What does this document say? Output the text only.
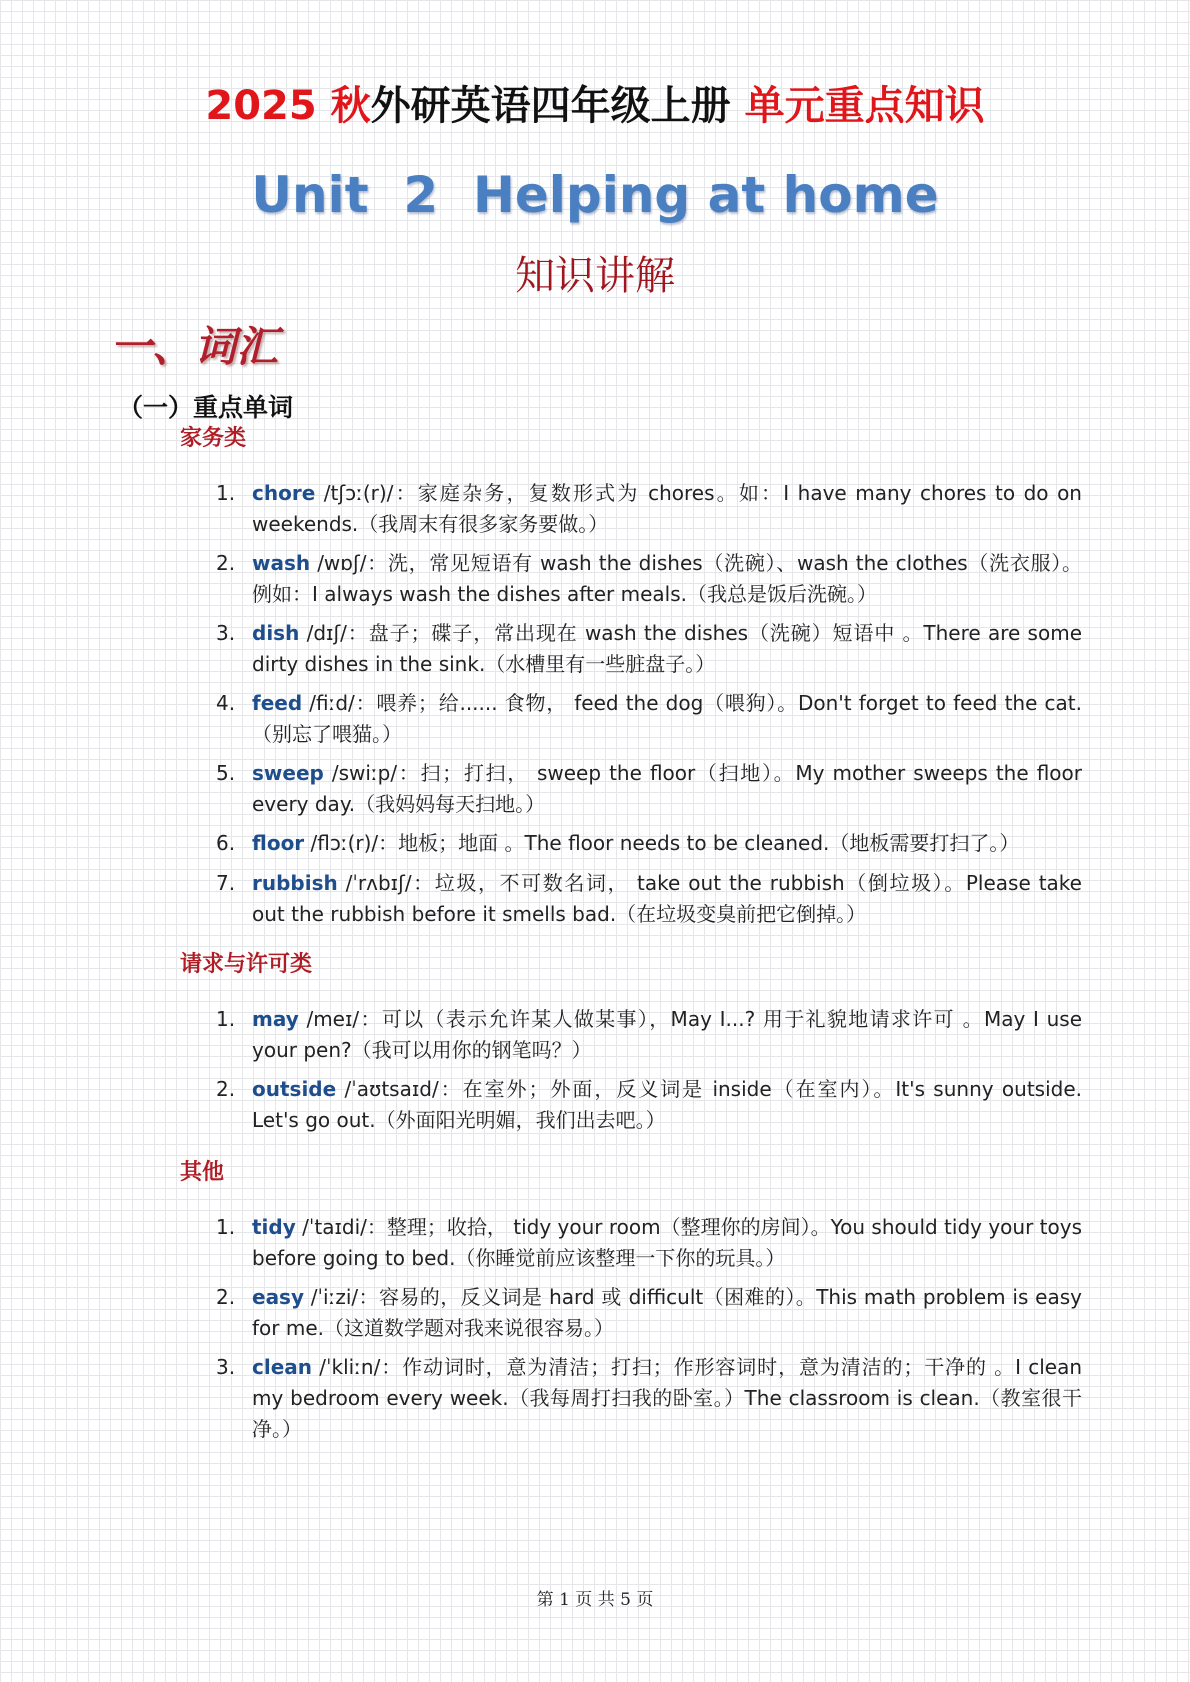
2025 秋外研英语四年级上册 单元重点知识
Unit  2  Helping at home
知识讲解
一、词汇
（一）重点单词
家务类
1. chore /tʃɔː(r)/：家庭杂务，复数形式为 chores。如：I have many chores to do on weekends.（我周末有很多家务要做。）
2. wash /wɒʃ/：洗，常见短语有 wash the dishes（洗碗）、wash the clothes（洗衣服）。例如：I always wash the dishes after meals.（我总是饭后洗碗。）
3. dish /dɪʃ/：盘子；碟子，常出现在 wash the dishes（洗碗）短语中 。There are some dirty dishes in the sink.（水槽里有一些脏盘子。）
4. feed /fiːd/：喂养；给...... 食物， feed the dog（喂狗）。Don't forget to feed the cat.（别忘了喂猫。）
5. sweep /swiːp/：扫；打扫， sweep the floor（扫地）。My mother sweeps the floor every day.（我妈妈每天扫地。）
6. floor /flɔː(r)/：地板；地面 。The floor needs to be cleaned.（地板需要打扫了。）
7. rubbish /ˈrʌbɪʃ/：垃圾，不可数名词， take out the rubbish（倒垃圾）。Please take out the rubbish before it smells bad.（在垃圾变臭前把它倒掉。）
请求与许可类
1. may /meɪ/：可以（表示允许某人做某事），May I...? 用于礼貌地请求许可 。May I use your pen?（我可以用你的钢笔吗？）
2. outside /ˈaʊtsaɪd/：在室外；外面，反义词是 inside（在室内）。It's sunny outside. Let's go out.（外面阳光明媚，我们出去吧。）
其他
1. tidy /ˈtaɪdi/：整理；收拾， tidy your room（整理你的房间）。You should tidy your toys before going to bed.（你睡觉前应该整理一下你的玩具。）
2. easy /ˈiːzi/：容易的，反义词是 hard 或 difficult（困难的）。This math problem is easy for me.（这道数学题对我来说很容易。）
3. clean /ˈkliːn/：作动词时，意为清洁；打扫；作形容词时，意为清洁的；干净的 。I clean my bedroom every week.（我每周打扫我的卧室。）The classroom is clean.（教室很干净。）
第 1 页 共 5 页
